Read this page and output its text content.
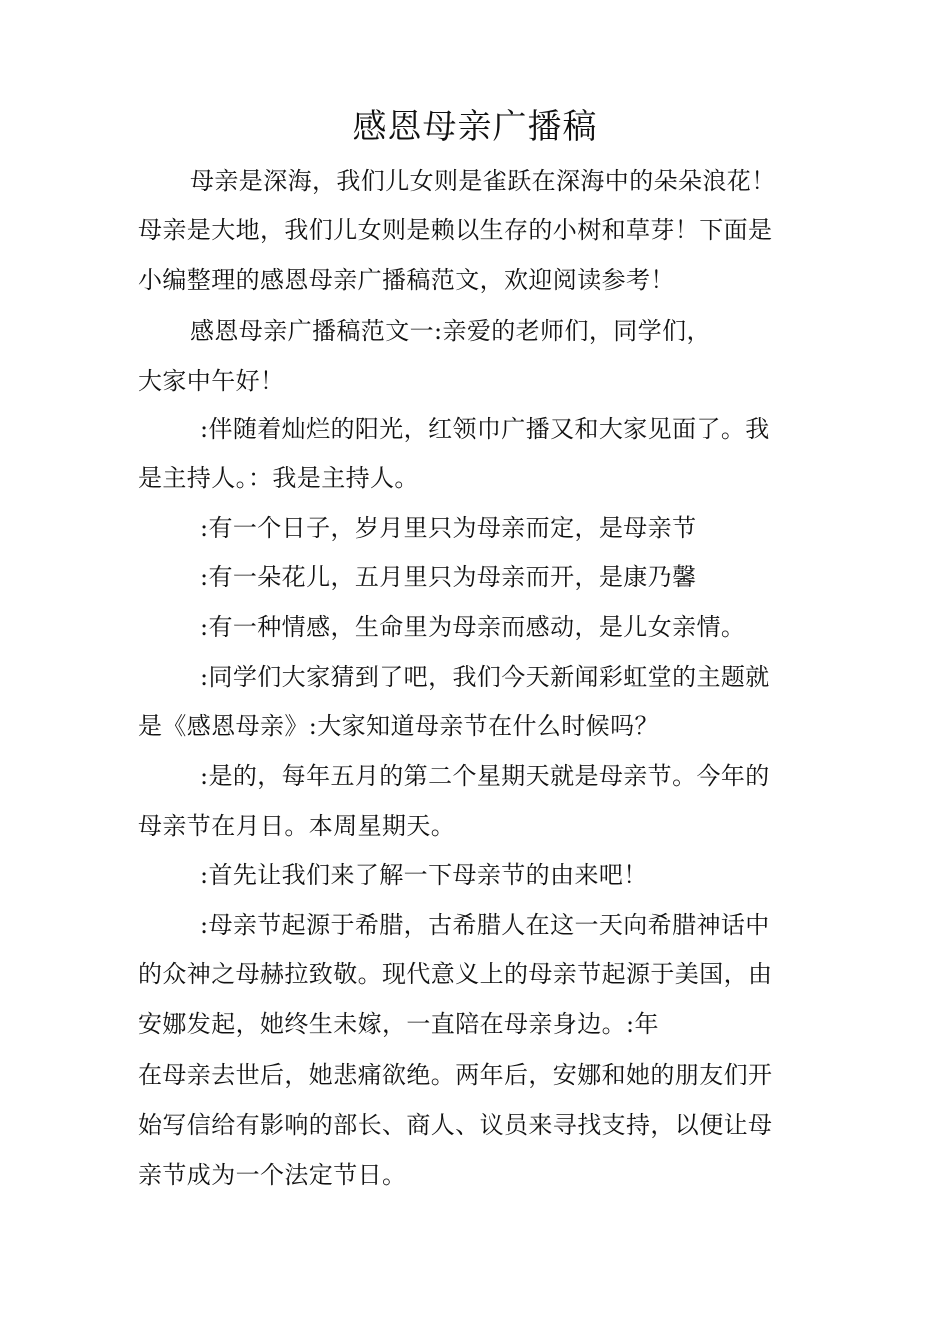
感恩母亲广播稿
母亲是深海，我们儿女则是雀跃在深海中的朵朵浪花！
母亲是大地，我们儿女则是赖以生存的小树和草芽！下面是
小编整理的感恩母亲广播稿范文，欢迎阅读参考！
感恩母亲广播稿范文一:亲爱的老师们，同学们，
大家中午好！
:伴随着灿烂的阳光，红领巾广播又和大家见面了。我
是主持人。：我是主持人。
:有一个日子，岁月里只为母亲而定，是母亲节
:有一朵花儿，五月里只为母亲而开，是康乃馨
:有一种情感，生命里为母亲而感动，是儿女亲情。
:同学们大家猜到了吧，我们今天新闻彩虹堂的主题就
是《感恩母亲》:大家知道母亲节在什么时候吗？
:是的，每年五月的第二个星期天就是母亲节。今年的
母亲节在月日。本周星期天。
:首先让我们来了解一下母亲节的由来吧！
:母亲节起源于希腊，古希腊人在这一天向希腊神话中
的众神之母赫拉致敬。现代意义上的母亲节起源于美国，由
安娜发起，她终生未嫁，一直陪在母亲身边。:年
在母亲去世后，她悲痛欲绝。两年后，安娜和她的朋友们开
始写信给有影响的部长、商人、议员来寻找支持，以便让母
亲节成为一个法定节日。
